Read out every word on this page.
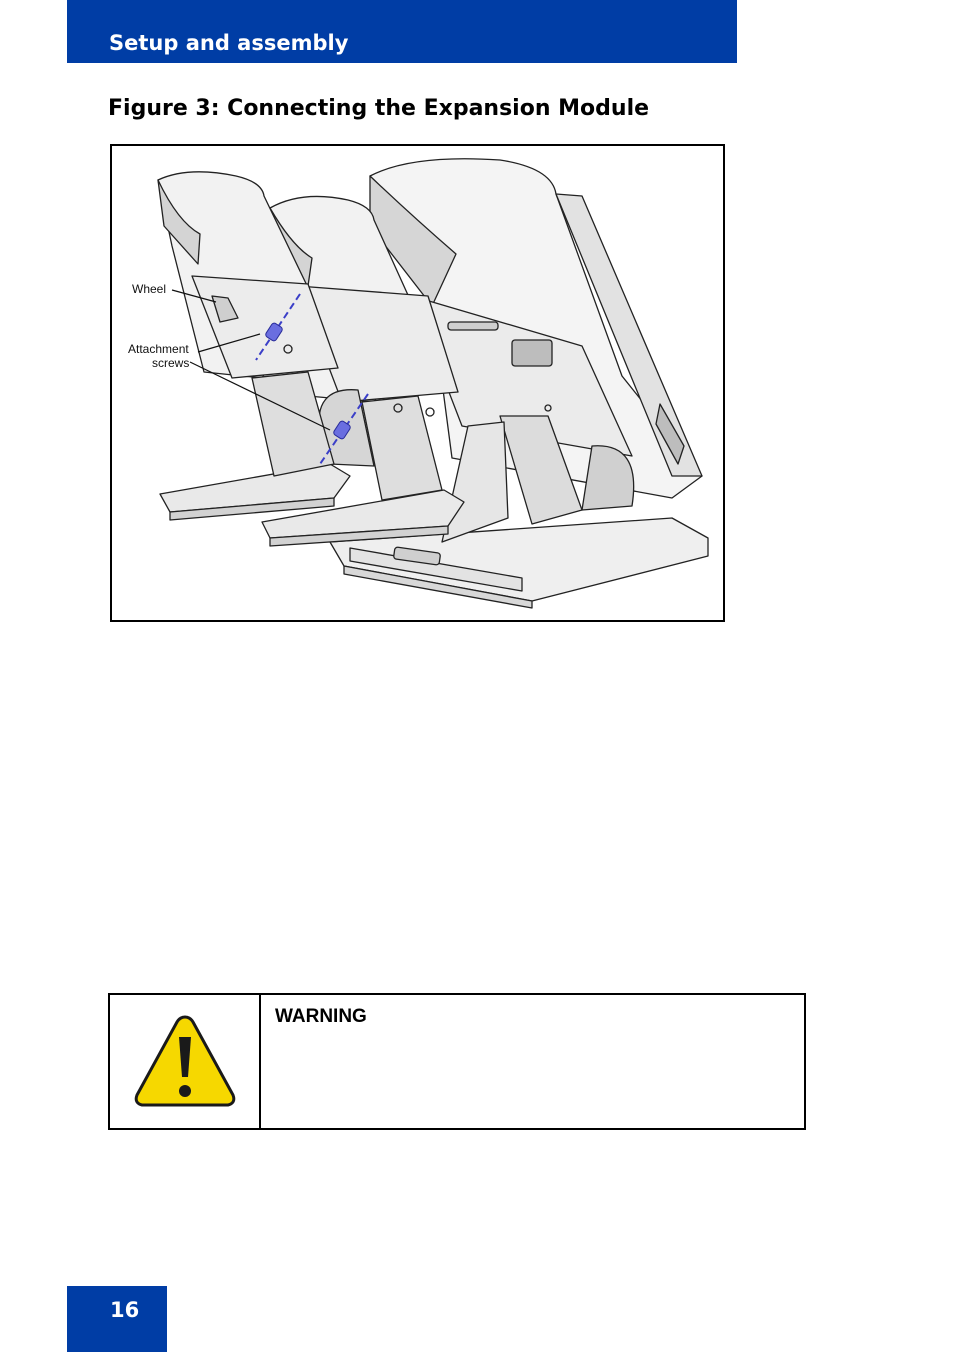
Setup and assembly
Figure 3: Connecting the Expansion Module
Wheel
Attachment
screws
WARNING
16
